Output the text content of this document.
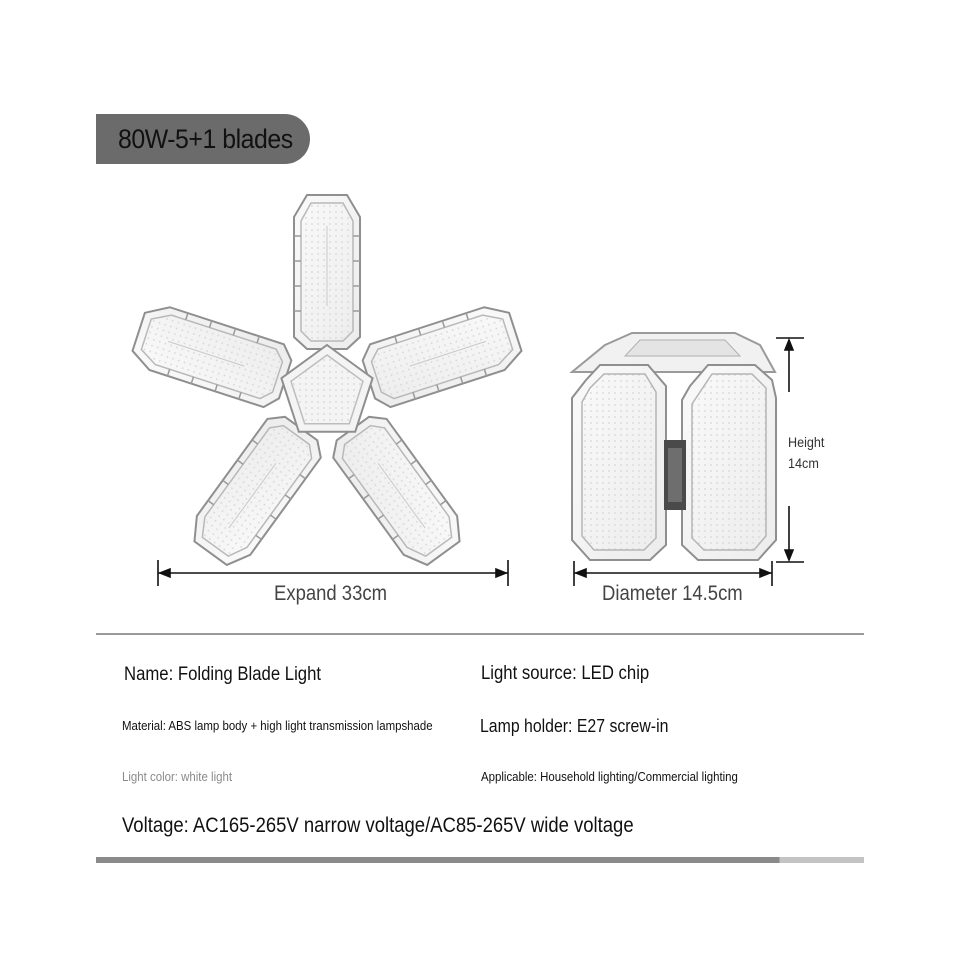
80W-5+1 blades
Expand 33cm	Diameter 14.5cm
Height
14cm
Name: Folding Blade Light	Light source: LED chip
Material: ABS lamp body + high light transmission lampshade	Lamp holder: E27 screw-in
Light color: white light	Applicable: Household lighting/Commercial lighting
Voltage: AC165-265V narrow voltage/AC85-265V wide voltage
